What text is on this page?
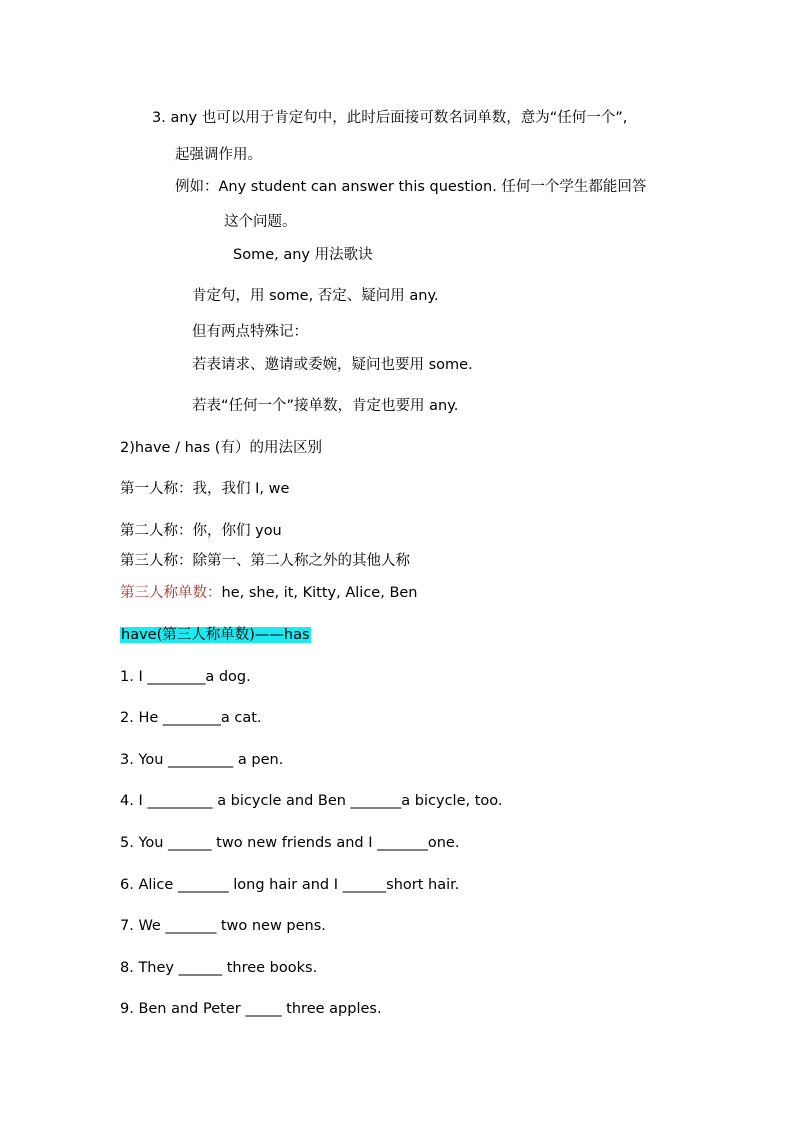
3. any 也可以用于肯定句中，此时后面接可数名词单数，意为“任何一个”,
起强调作用。
例如：Any student can answer this question. 任何一个学生都能回答
这个问题。
Some, any 用法歌诀
肯定句，用 some, 否定、疑问用 any.
但有两点特殊记：
若表请求、邀请或委婉，疑问也要用 some.
若表“任何一个”接单数，肯定也要用 any.
2)have / has (有）的用法区别
第一人称：我，我们 I, we
第二人称：你，你们 you
第三人称：除第一、第二人称之外的其他人称
第三人称单数：he, she, it, Kitty, Alice, Ben
have(第三人称单数)——has
1. I ________a dog.
2. He ________a cat.
3. You _________ a pen.
4. I _________ a bicycle and Ben _______a bicycle, too.
5. You ______ two new friends and I _______one.
6. Alice _______ long hair and I ______short hair.
7. We _______ two new pens.
8. They ______ three books.
9. Ben and Peter _____ three apples.
